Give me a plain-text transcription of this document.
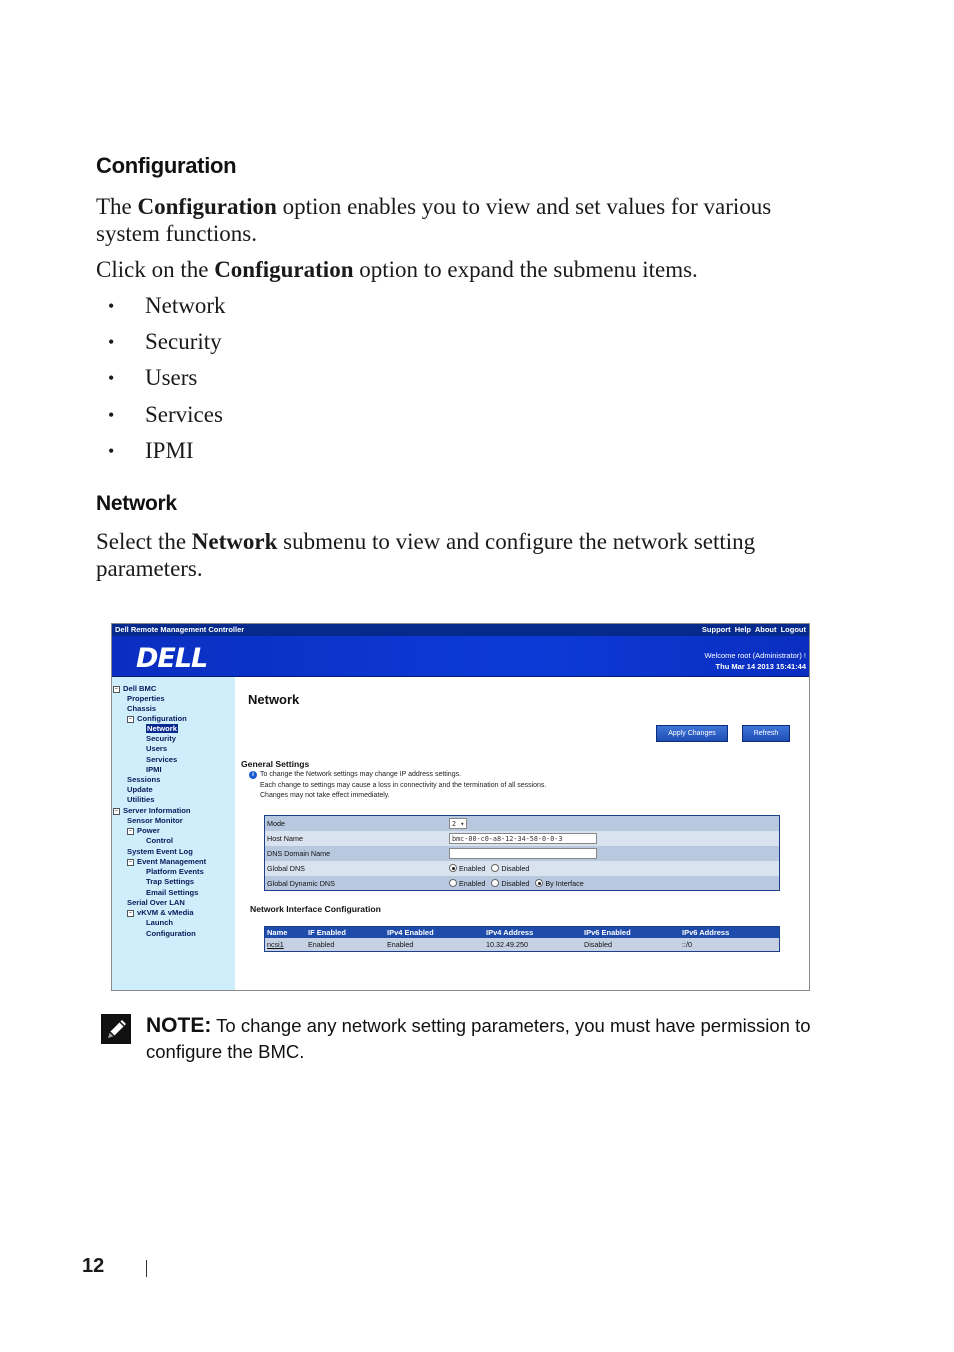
Configuration

The Configuration option enables you to view and set values for various system functions.

Click on the Configuration option to expand the submenu items.

•	Network
•	Security
•	Users
•	Services
•	IPMI
Network

Select the Network submenu to view and configure the network setting parameters.

Dell Remote Management Controller	Support Help About Logout
DELL	Welcome root (Administrator) !
Thu Mar 14 2013 15:41:44
− Dell BMC
Properties
Chassis
− Configuration
Network
Security
Users
Services
IPMI
Sessions
Update
Utilities
− Server Information
Sensor Monitor
− Power
Control
System Event Log
− Event Management
Platform Events
Trap Settings
Email Settings
Serial Over LAN
− vKVM & vMedia
Launch
Configuration
Network
Apply Changes	Refresh
General Settings
i To change the Network settings may change IP address settings.
Each change to settings may cause a loss in connectivity and the termination of all sessions.
Changes may not take effect immediately.
Mode	2 ▾
Host Name	bmc-00-c0-a8-12-34-58-0-0-3
DNS Domain Name
Global DNS	Enabled Disabled
Global Dynamic DNS	Enabled Disabled By Interface
Network Interface Configuration
Name	IF Enabled	IPv4 Enabled	IPv4 Address	IPv6 Enabled	IPv6 Address
ncsi1	Enabled	Enabled	10.32.49.250	Disabled	::/0
NOTE: To change any network setting parameters, you must have permission to configure the BMC.
12
